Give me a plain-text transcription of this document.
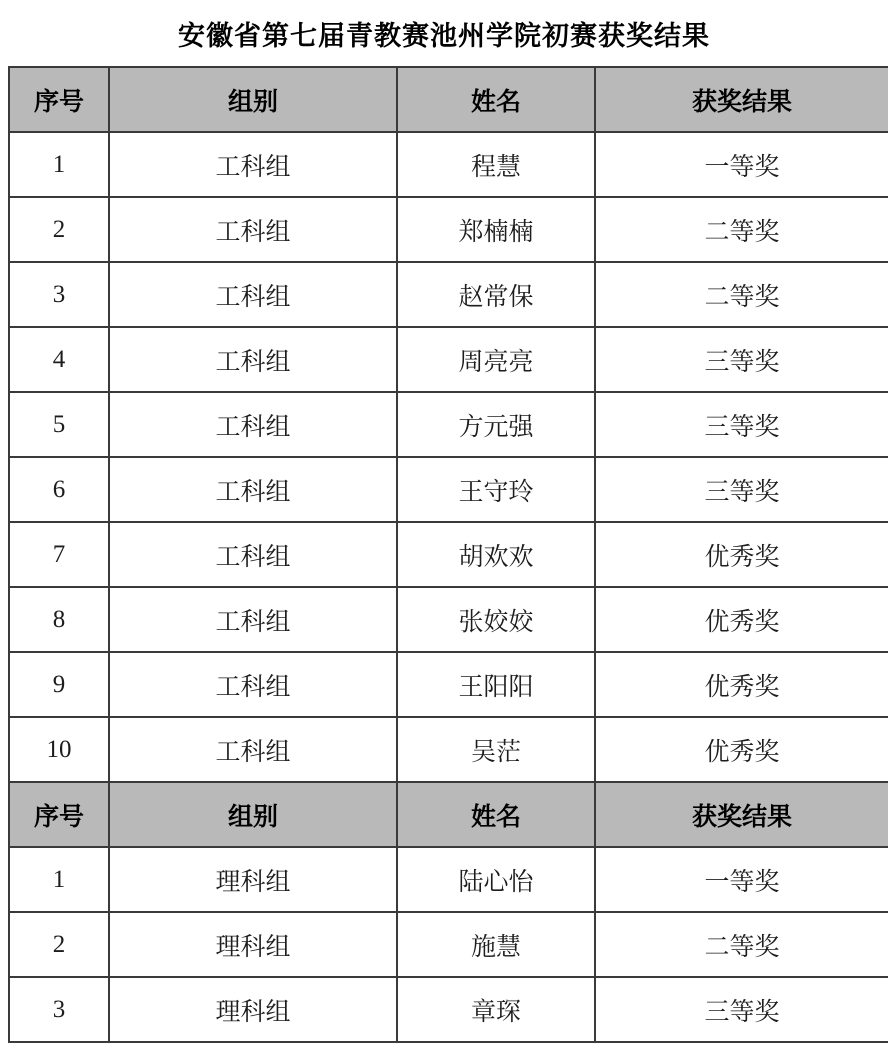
安徽省第七届青教赛池州学院初赛获奖结果
序号	组别	姓名	获奖结果
1	工科组	程慧	一等奖
2	工科组	郑楠楠	二等奖
3	工科组	赵常保	二等奖
4	工科组	周亮亮	三等奖
5	工科组	方元强	三等奖
6	工科组	王守玲	三等奖
7	工科组	胡欢欢	优秀奖
8	工科组	张姣姣	优秀奖
9	工科组	王阳阳	优秀奖
10	工科组	吴茫	优秀奖
序号	组别	姓名	获奖结果
1	理科组	陆心怡	一等奖
2	理科组	施慧	二等奖
3	理科组	章琛	三等奖
